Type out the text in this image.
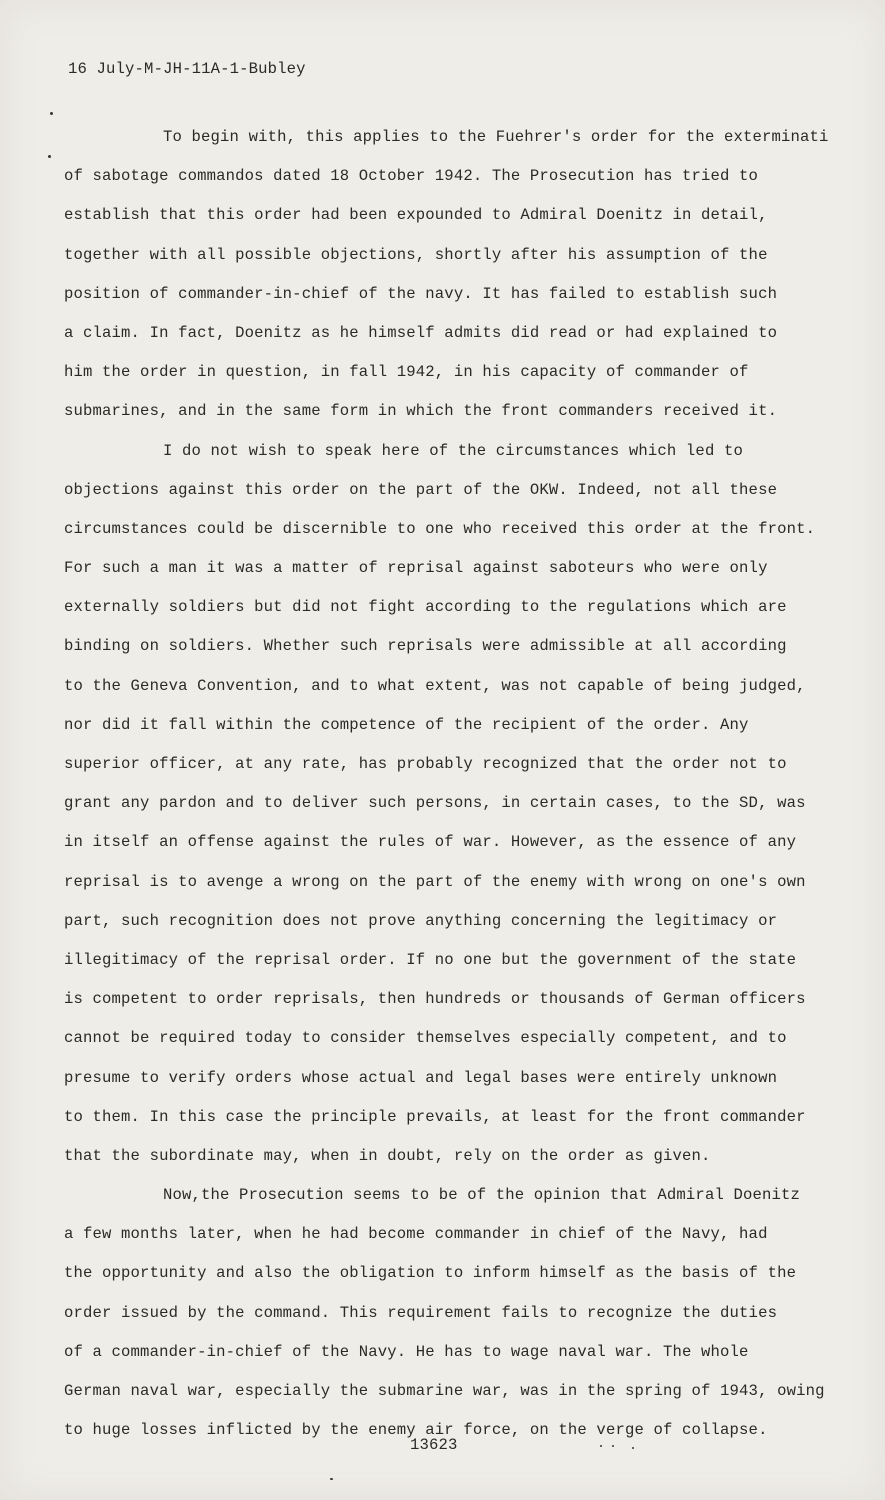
16 July-M-JH-11A-1-Bubley
To begin with, this applies to the Fuehrer's order for the exterminati
of sabotage commandos dated 18 October 1942. The Prosecution has tried to
establish that this order had been expounded to Admiral Doenitz in detail,
together with all possible objections, shortly after his assumption of the
position of commander-in-chief of the navy. It has failed to establish such
a claim. In fact, Doenitz as he himself admits did read or had explained to
him the order in question, in fall 1942, in his capacity of commander of
submarines, and in the same form in which the front commanders received it.
I do not wish to speak here of the circumstances which led to
objections against this order on the part of the OKW. Indeed, not all these
circumstances could be discernible to one who received this order at the front.
For such a man it was a matter of reprisal against saboteurs who were only
externally soldiers but did not fight according to the regulations which are
binding on soldiers. Whether such reprisals were admissible at all according
to the Geneva Convention, and to what extent, was not capable of being judged,
nor did it fall within the competence of the recipient of the order. Any
superior officer, at any rate, has probably recognized that the order not to
grant any pardon and to deliver such persons, in certain cases, to the SD, was
in itself an offense against the rules of war. However, as the essence of any
reprisal is to avenge a wrong on the part of the enemy with wrong on one's own
part, such recognition does not prove anything concerning the legitimacy or
illegitimacy of the reprisal order. If no one but the government of the state
is competent to order reprisals, then hundreds or thousands of German officers
cannot be required today to consider themselves especially competent, and to
presume to verify orders whose actual and legal bases were entirely unknown
to them. In this case the principle prevails, at least for the front commander
that the subordinate may, when in doubt, rely on the order as given.
Now,the Prosecution seems to be of the opinion that Admiral Doenitz
a few months later, when he had become commander in chief of the Navy, had
the opportunity and also the obligation to inform himself as the basis of the
order issued by the command. This requirement fails to recognize the duties
of a commander-in-chief of the Navy. He has to wage naval war. The whole
German naval war, especially the submarine war, was in the spring of 1943, owing
to huge losses inflicted by the enemy air force, on the verge of collapse.
13623
